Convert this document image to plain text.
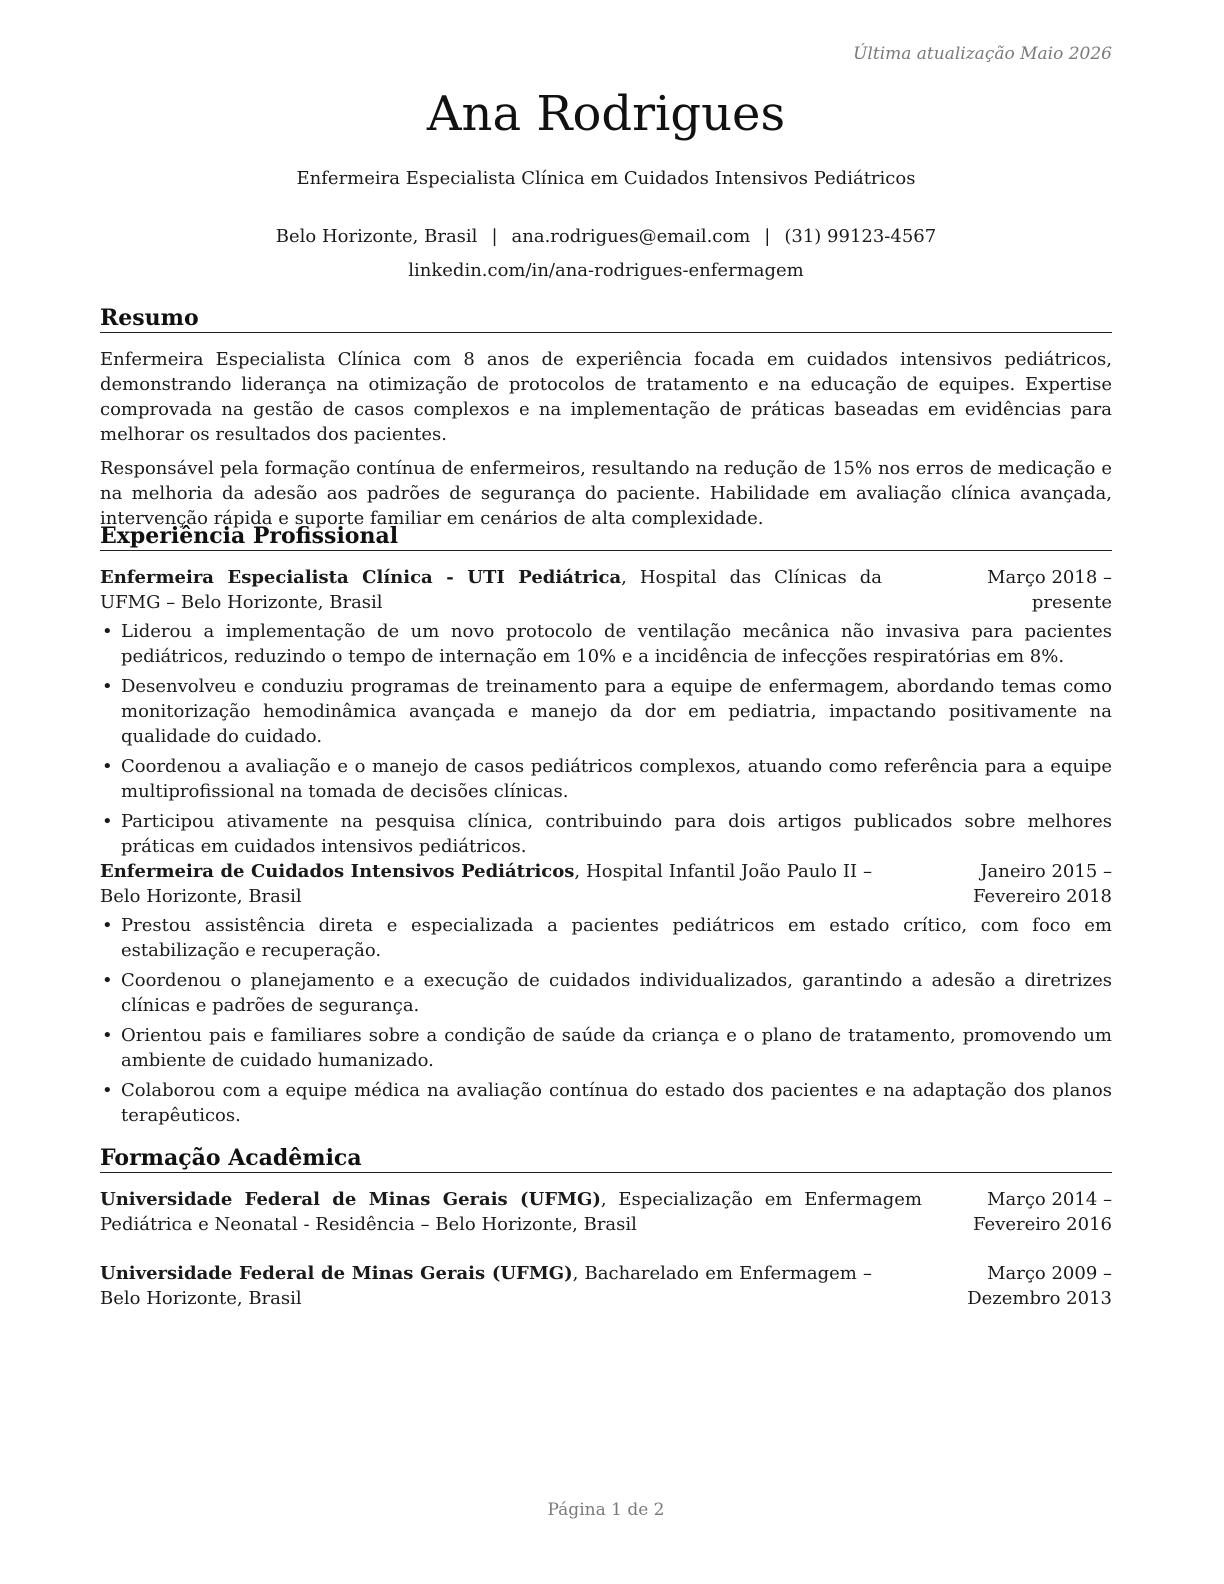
Última atualização Maio 2026
Ana Rodrigues
Enfermeira Especialista Clínica em Cuidados Intensivos Pediátricos
Belo Horizonte, Brasil | ana.rodrigues@email.com | (31) 99123-4567
linkedin.com/in/ana-rodrigues-enfermagem
Resumo

Enfermeira Especialista Clínica com 8 anos de experiência focada em cuidados intensivos pediátricos, demonstrando liderança na otimização de protocolos de tratamento e na educação de equipes. Expertise comprovada na gestão de casos complexos e na implementação de práticas baseadas em evidências para melhorar os resultados dos pacientes.

Responsável pela formação contínua de enfermeiros, resultando na redução de 15% nos erros de medicação e na melhoria da adesão aos padrões de segurança do paciente. Habilidade em avaliação clínica avançada, intervenção rápida e suporte familiar em cenários de alta complexidade.

Experiência Profissional
Enfermeira Especialista Clínica - UTI Pediátrica, Hospital das Clínicas da UFMG – Belo Horizonte, Brasil
Março 2018 – presente
• Liderou a implementação de um novo protocolo de ventilação mecânica não invasiva para pacientes pediátricos, reduzindo o tempo de internação em 10% e a incidência de infecções respiratórias em 8%.
• Desenvolveu e conduziu programas de treinamento para a equipe de enfermagem, abordando temas como monitorização hemodinâmica avançada e manejo da dor em pediatria, impactando positivamente na qualidade do cuidado.
• Coordenou a avaliação e o manejo de casos pediátricos complexos, atuando como referência para a equipe multiprofissional na tomada de decisões clínicas.
• Participou ativamente na pesquisa clínica, contribuindo para dois artigos publicados sobre melhores práticas em cuidados intensivos pediátricos.
Enfermeira de Cuidados Intensivos Pediátricos, Hospital Infantil João Paulo II – Belo Horizonte, Brasil
Janeiro 2015 – Fevereiro 2018
• Prestou assistência direta e especializada a pacientes pediátricos em estado crítico, com foco em estabilização e recuperação.
• Coordenou o planejamento e a execução de cuidados individualizados, garantindo a adesão a diretrizes clínicas e padrões de segurança.
• Orientou pais e familiares sobre a condição de saúde da criança e o plano de tratamento, promovendo um ambiente de cuidado humanizado.
• Colaborou com a equipe médica na avaliação contínua do estado dos pacientes e na adaptação dos planos terapêuticos.
Formação Acadêmica
Universidade Federal de Minas Gerais (UFMG), Especialização em Enfermagem Pediátrica e Neonatal - Residência – Belo Horizonte, Brasil
Março 2014 – Fevereiro 2016
Universidade Federal de Minas Gerais (UFMG), Bacharelado em Enfermagem – Belo Horizonte, Brasil
Março 2009 – Dezembro 2013
Página 1 de 2
